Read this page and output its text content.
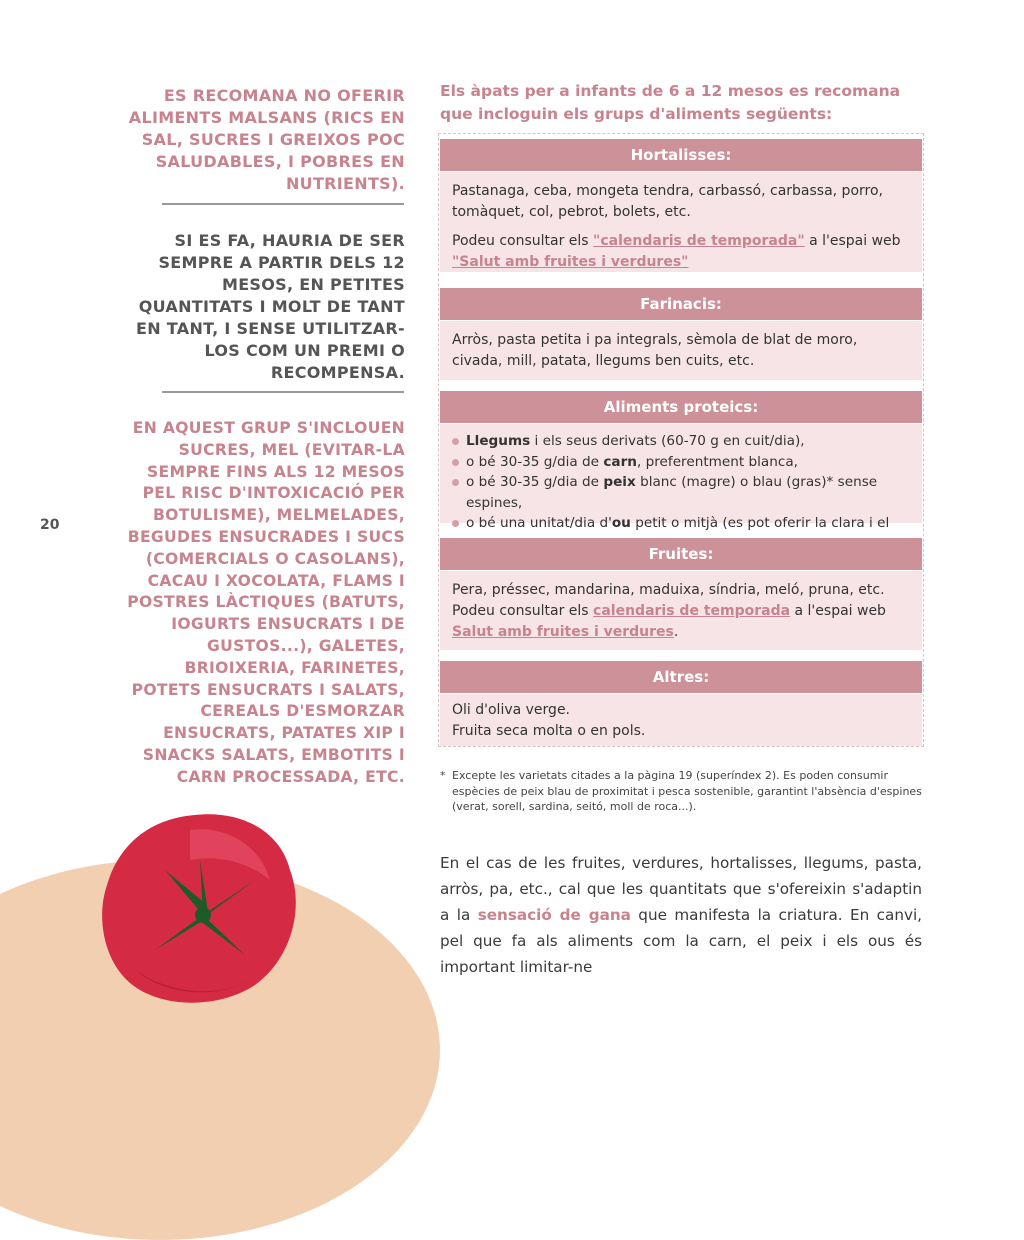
ES RECOMANA NO OFERIR ALIMENTS MALSANS (RICS EN SAL, SUCRES I GREIXOS POC SALUDABLES, I POBRES EN NUTRIENTS).
SI ES FA, HAURIA DE SER SEMPRE A PARTIR DELS 12 MESOS, EN PETITES QUANTITATS I MOLT DE TANT EN TANT, I SENSE UTILITZAR-LOS COM UN PREMI O RECOMPENSA.
EN AQUEST GRUP S'INCLOUEN SUCRES, MEL (EVITAR-LA SEMPRE FINS ALS 12 MESOS PEL RISC D'INTOXICACIÓ PER BOTULISME), MELMELADES, BEGUDES ENSUCRADES I SUCS (COMERCIALS O CASOLANS), CACAU I XOCOLATA, FLAMS I POSTRES LÀCTIQUES (BATUTS, IOGURTS ENSUCRATS I DE GUSTOS...), GALETES, BRIOIXERIA, FARINETES, POTETS ENSUCRATS I SALATS, CEREALS D'ESMORZAR ENSUCRATS, PATATES XIP I SNACKS SALATS, EMBOTITS I CARN PROCESSADA, ETC.
20
Els àpats per a infants de 6 a 12 mesos es recomana que incloguin els grups d'aliments següents:
Hortalisses:

Pastanaga, ceba, mongeta tendra, carbassó, carbassa, porro, tomàquet, col, pebrot, bolets, etc.

Podeu consultar els "calendaris de temporada" a l'espai web "Salut amb fruites i verdures"

Farinacis:

Arròs, pasta petita i pa integrals, sèmola de blat de moro, civada, mill, patata, llegums ben cuits, etc.

Aliments proteics:
Llegums i els seus derivats (60-70 g en cuit/dia),
o bé 30-35 g/dia de carn, preferentment blanca,
o bé 30-35 g/dia de peix blanc (magre) o blau (gras)* sense espines,
o bé una unitat/dia d'ou petit o mitjà (es pot oferir la clara i el
Fruites:

Pera, préssec, mandarina, maduixa, síndria, meló, pruna, etc.
Podeu consultar els calendaris de temporada a l'espai web Salut amb fruites i verdures.

Altres:

Oli d'oliva verge.
Fruita seca molta o en pols.

* Excepte les varietats citades a la pàgina 19 (superíndex 2). Es poden consumir espècies de peix blau de proximitat i pesca sostenible, garantint l'absència d'espines (verat, sorell, sardina, seitó, moll de roca...).
En el cas de les fruites, verdures, hortalisses, llegums, pasta, arròs, pa, etc., cal que les quantitats que s'ofereixin s'adaptin a la sensació de gana que manifesta la criatura. En canvi, pel que fa als aliments com la carn, el peix i els ous és important limitar-ne
